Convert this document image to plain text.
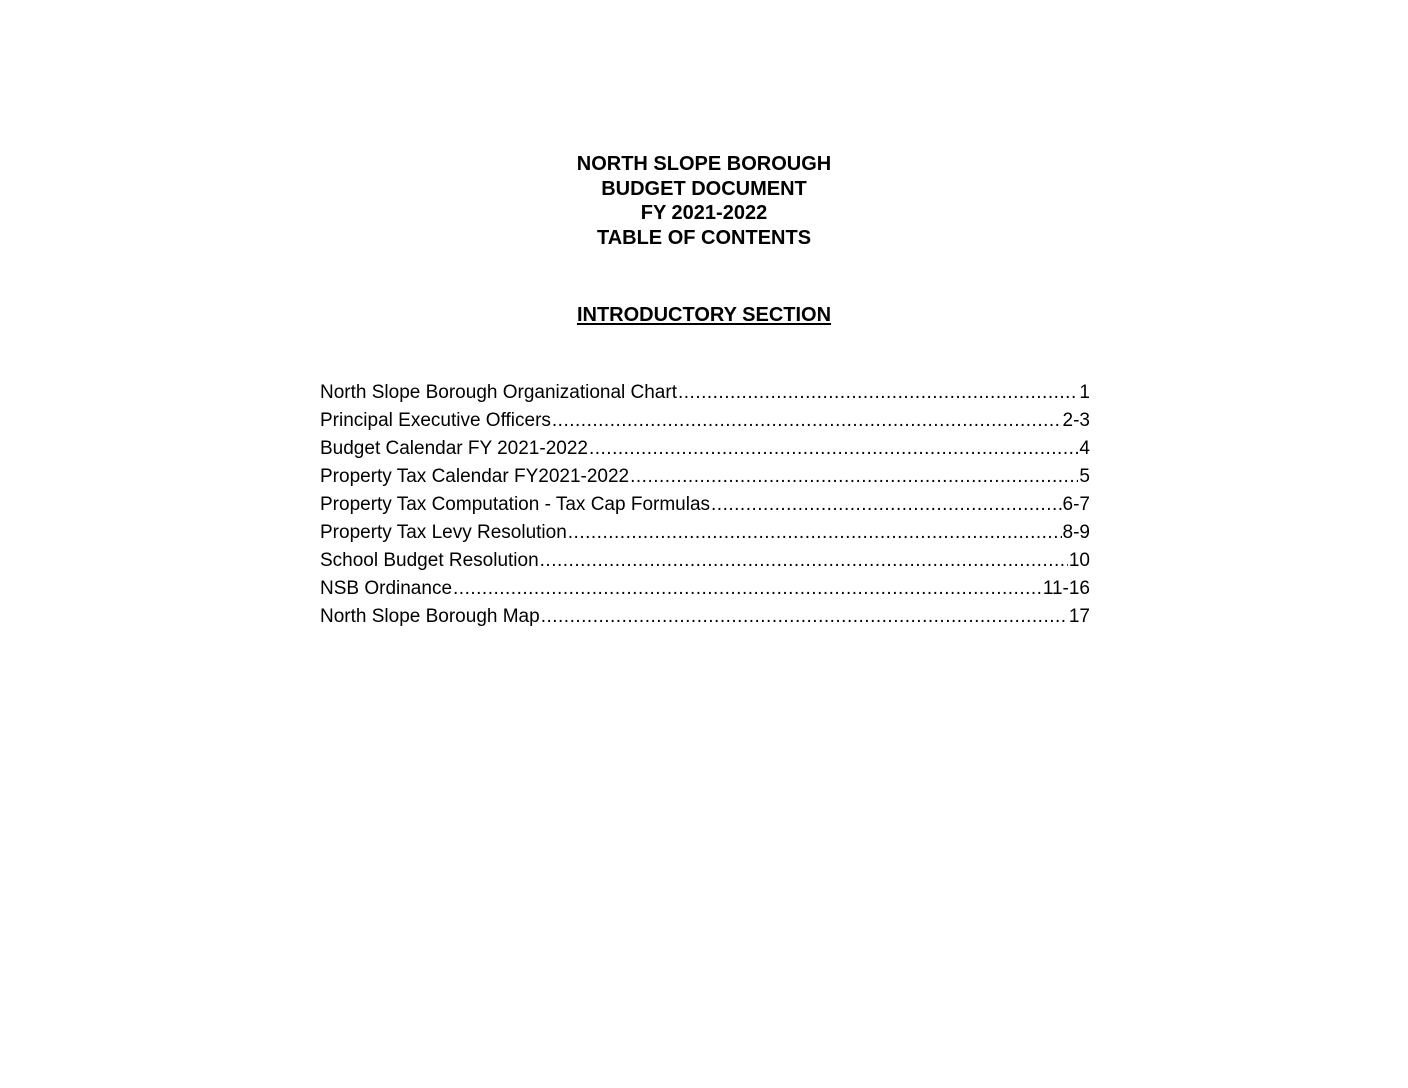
NORTH SLOPE BOROUGH
BUDGET DOCUMENT
FY 2021-2022
TABLE OF CONTENTS
INTRODUCTORY SECTION
North Slope Borough Organizational Chart .....	1
Principal Executive Officers .....	2-3
Budget Calendar FY 2021-2022 .....	4
Property Tax Calendar FY2021-2022 .....	5
Property Tax Computation - Tax Cap Formulas .....	6-7
Property Tax Levy Resolution .....	8-9
School Budget Resolution .....	10
NSB Ordinance .....	11-16
North Slope Borough Map .....	17
